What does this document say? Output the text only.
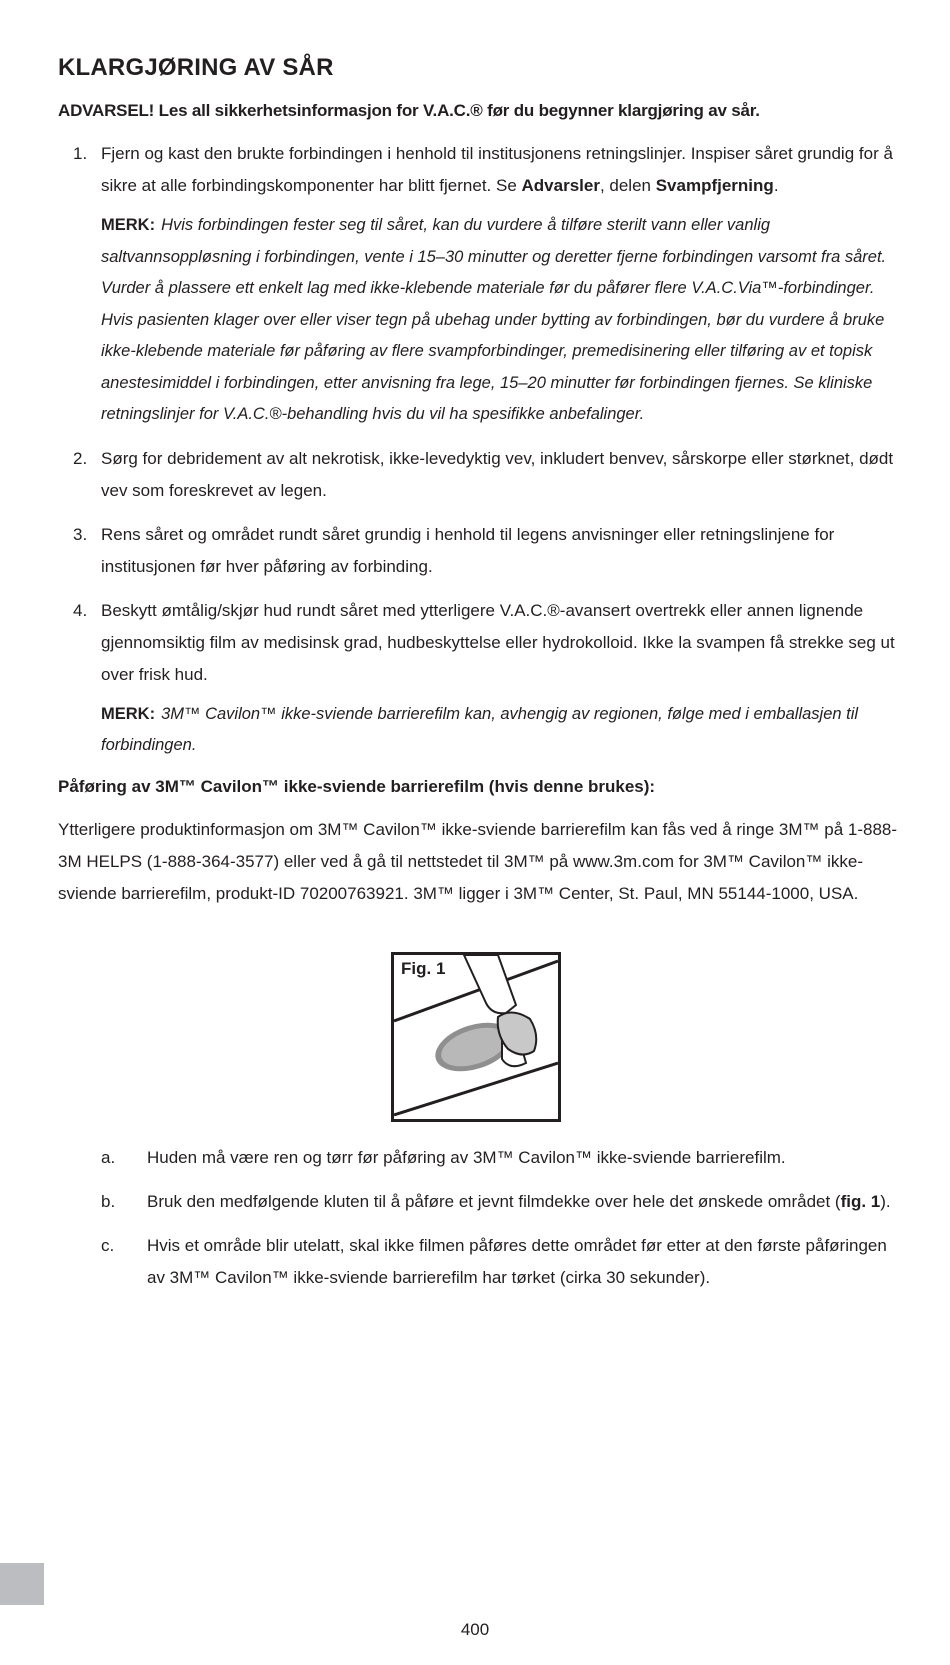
KLARGJØRING AV SÅR
ADVARSEL! Les all sikkerhetsinformasjon for V.A.C.® før du begynner klargjøring av sår.
1. Fjern og kast den brukte forbindingen i henhold til institusjonens retningslinjer. Inspiser såret grundig for å sikre at alle forbindingskomponenter har blitt fjernet. Se Advarsler, delen Svampfjerning.
MERK: Hvis forbindingen fester seg til såret, kan du vurdere å tilføre sterilt vann eller vanlig saltvannsoppløsning i forbindingen, vente i 15–30 minutter og deretter fjerne forbindingen varsomt fra såret. Vurder å plassere ett enkelt lag med ikke-klebende materiale før du påfører flere V.A.C.Via™-forbindinger.
Hvis pasienten klager over eller viser tegn på ubehag under bytting av forbindingen, bør du vurdere å bruke ikke-klebende materiale før påføring av flere svampforbindinger, premedisinering eller tilføring av et topisk anestesimiddel i forbindingen, etter anvisning fra lege, 15–20 minutter før forbindingen fjernes. Se kliniske retningslinjer for V.A.C.®-behandling hvis du vil ha spesifikke anbefalinger.
2. Sørg for debridement av alt nekrotisk, ikke-levedyktig vev, inkludert benvev, sårskorpe eller størknet, dødt vev som foreskrevet av legen.
3. Rens såret og området rundt såret grundig i henhold til legens anvisninger eller retningslinjene for institusjonen før hver påføring av forbinding.
4. Beskytt ømtålig/skjør hud rundt såret med ytterligere V.A.C.®-avansert overtrekk eller annen lignende gjennomsiktig film av medisinsk grad, hudbeskyttelse eller hydrokolloid. Ikke la svampen få strekke seg ut over frisk hud.
MERK: 3M™ Cavilon™ ikke-sviende barrierefilm kan, avhengig av regionen, følge med i emballasjen til forbindingen.
Påføring av 3M™ Cavilon™ ikke-sviende barrierefilm (hvis denne brukes):
Ytterligere produktinformasjon om 3M™ Cavilon™ ikke-sviende barrierefilm kan fås ved å ringe 3M™ på 1-888-3M HELPS (1-888-364-3577) eller ved å gå til nettstedet til 3M™ på www.3m.com for 3M™ Cavilon™ ikke-sviende barrierefilm, produkt-ID 70200763921. 3M™ ligger i 3M™ Center, St. Paul, MN 55144-1000, USA.
Fig. 1
a. Huden må være ren og tørr før påføring av 3M™ Cavilon™ ikke-sviende barrierefilm.
b. Bruk den medfølgende kluten til å påføre et jevnt filmdekke over hele det ønskede området (fig. 1).
c. Hvis et område blir utelatt, skal ikke filmen påføres dette området før etter at den første påføringen av 3M™ Cavilon™ ikke-sviende barrierefilm har tørket (cirka 30 sekunder).
400
